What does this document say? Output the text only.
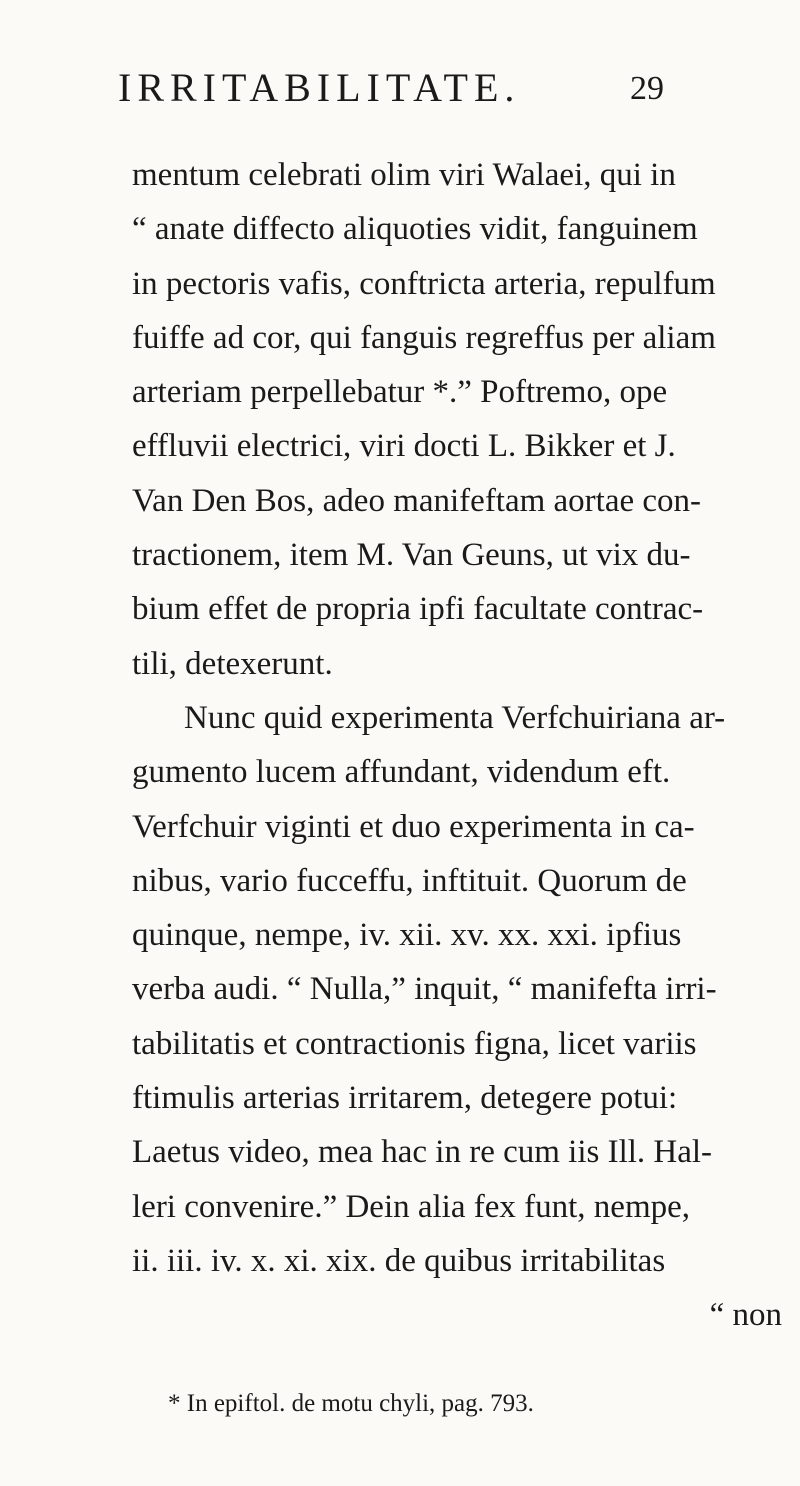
IRRITABILITATE.	29
mentum celebrati olim viri Walaei, qui in
“ anate diffecto aliquoties vidit, fanguinem
in pectoris vafis, conftricta arteria, repulfum
fuiffe ad cor, qui fanguis regreffus per aliam
arteriam perpellebatur *.” Poftremo, ope
effluvii electrici, viri docti L. Bikker et J.
Van Den Bos, adeo manifeftam aortae con-
tractionem, item M. Van Geuns, ut vix du-
bium effet de propria ipfi facultate contrac-
tili, detexerunt.
Nunc quid experimenta Verfchuiriana ar-
gumento lucem affundant, videndum eft.
Verfchuir viginti et duo experimenta in ca-
nibus, vario fucceffu, inftituit. Quorum de
quinque, nempe, iv. xii. xv. xx. xxi. ipfius
verba audi. “ Nulla,” inquit, “ manifefta irri-
tabilitatis et contractionis figna, licet variis
ftimulis arterias irritarem, detegere potui:
Laetus video, mea hac in re cum iis Ill. Hal-
leri convenire.” Dein alia fex funt, nempe,
ii. iii. iv. x. xi. xix. de quibus irritabilitas
“ non
* In epiftol. de motu chyli, pag. 793.
